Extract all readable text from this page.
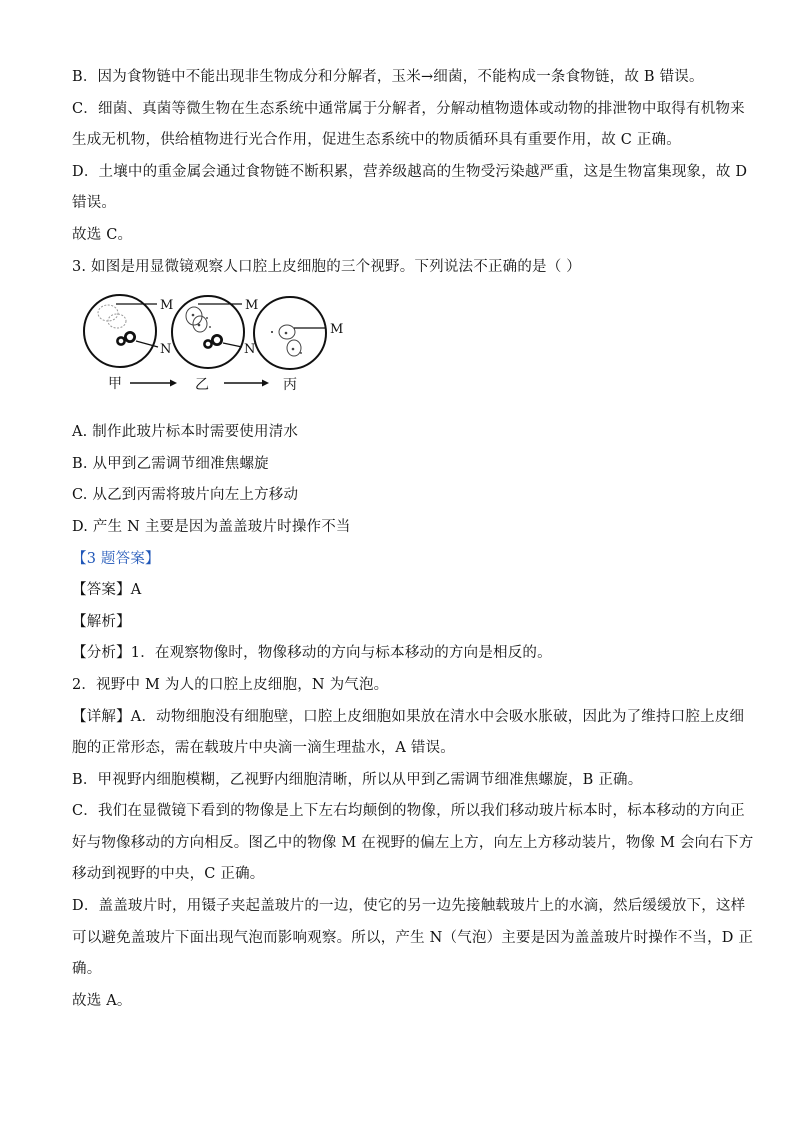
B．因为食物链中不能出现非生物成分和分解者，玉米→细菌，不能构成一条食物链，故 B 错误。
C．细菌、真菌等微生物在生态系统中通常属于分解者，分解动植物遗体或动物的排泄物中取得有机物来
生成无机物，供给植物进行光合作用，促进生态系统中的物质循环具有重要作用，故 C 正确。
D．土壤中的重金属会通过食物链不断积累，营养级越高的生物受污染越严重，这是生物富集现象，故 D
错误。
故选 C。
3. 如图是用显微镜观察人口腔上皮细胞的三个视野。下列说法不正确的是（ ）
M
N
M
N
M
甲	乙	丙
A. 制作此玻片标本时需要使用清水
B. 从甲到乙需调节细准焦螺旋
C. 从乙到丙需将玻片向左上方移动
D. 产生 N 主要是因为盖盖玻片时操作不当
【3 题答案】
【答案】A
【解析】
【分析】1．在观察物像时，物像移动的方向与标本移动的方向是相反的。
2．视野中 M 为人的口腔上皮细胞，N 为气泡。
【详解】A．动物细胞没有细胞壁，口腔上皮细胞如果放在清水中会吸水胀破，因此为了维持口腔上皮细
胞的正常形态，需在载玻片中央滴一滴生理盐水，A 错误。
B．甲视野内细胞模糊，乙视野内细胞清晰，所以从甲到乙需调节细准焦螺旋，B 正确。
C．我们在显微镜下看到的物像是上下左右均颠倒的物像，所以我们移动玻片标本时，标本移动的方向正
好与物像移动的方向相反。图乙中的物像 M 在视野的偏左上方，向左上方移动装片，物像 M 会向右下方
移动到视野的中央，C 正确。
D．盖盖玻片时，用镊子夹起盖玻片的一边，使它的另一边先接触载玻片上的水滴，然后缓缓放下，这样
可以避免盖玻片下面出现气泡而影响观察。所以，产生 N（气泡）主要是因为盖盖玻片时操作不当，D 正
确。
故选 A。
